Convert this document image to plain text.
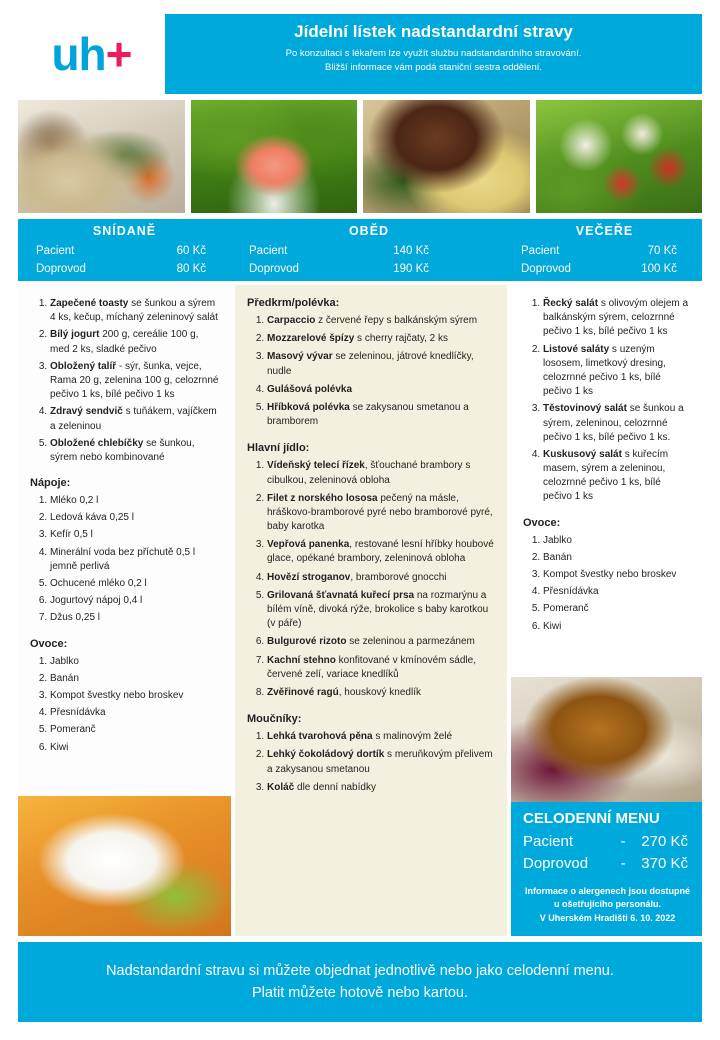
uh+	Jídelní lístek nadstandardní stravy
Po konzultaci s lékařem lze využít službu nadstandardního stravování.
Bližší informace vám podá staniční sestra oddělení.
SNÍDANĚ
Pacient	60 Kč
Doprovod	80 Kč
OBĚD
Pacient	140 Kč
Doprovod	190 Kč
VEČEŘE
Pacient	70 Kč
Doprovod	100 Kč
1. Zapečené toasty se šunkou a sýrem 4 ks, kečup, míchaný zeleninový salát
2. Bílý jogurt 200 g, cereálie 100 g, med 2 ks, sladké pečivo
3. Obložený talíř - sýr, šunka, vejce, Rama 20 g, zelenina 100 g, celozrnné pečivo 1 ks, bílé pečivo 1 ks
4. Zdravý sendvič s tuňákem, vajíčkem a zeleninou
5. Obložené chlebíčky se šunkou, sýrem nebo kombinované
Nápoje:
1. Mléko 0,2 l
2. Ledová káva 0,25 l
3. Kefír 0,5 l
4. Minerální voda bez příchutě 0,5 l jemně perlivá
5. Ochucené mléko 0,2 l
6. Jogurtový nápoj 0,4 l
7. Džus 0,25 l
Ovoce:
1. Jablko
2. Banán
3. Kompot švestky nebo broskev
4. Přesnídávka
5. Pomeranč
6. Kiwi
Předkrm/polévka:
1. Carpaccio z červené řepy s balkánským sýrem
2. Mozzarelové špízy s cherry rajčaty, 2 ks
3. Masový vývar se zeleninou, játrové knedlíčky, nudle
4. Gulášová polévka
5. Hříbková polévka se zakysanou smetanou a bramborem
Hlavní jídlo:
1. Vídeňský telecí řízek, šťouchané brambory s cibulkou, zeleninová obloha
2. Filet z norského lososa pečený na másle, hráškovo-bramborové pyré nebo bramborové pyré, baby karotka
3. Vepřová panenka, restované lesní hříbky houbové glace, opékané brambory, zeleninová obloha
4. Hovězí stroganov, bramborové gnocchi
5. Grilovaná šťavnatá kuřecí prsa na rozmarýnu a bílém víně, divoká rýže, brokolice s baby karotkou (v páře)
6. Bulgurové rizoto se zeleninou a parmezánem
7. Kachní stehno konfitované v kmínovém sádle, červené zelí, variace knedlíků
8. Zvěřinové ragú, houskový knedlík
Moučníky:
1. Lehká tvarohová pěna s malinovým želé
2. Lehký čokoládový dortík s meruňkovým přelivem a zakysanou smetanou
3. Koláč dle denní nabídky
1. Řecký salát s olivovým olejem a balkánským sýrem, celozrnné pečivo 1 ks, bílé pečivo 1 ks
2. Listové saláty s uzeným lososem, limetkový dresing, celozrnné pečivo 1 ks, bílé pečivo 1 ks
3. Těstovinový salát se šunkou a sýrem, zeleninou, celozrnné pečivo 1 ks, bílé pečivo 1 ks.
4. Kuskusový salát s kuřecím masem, sýrem a zeleninou, celozrnné pečivo 1 ks, bílé pečivo 1 ks
Ovoce:
1. Jablko
2. Banán
3. Kompot švestky nebo broskev
4. Přesnídávka
5. Pomeranč
6. Kiwi
CELODENNÍ MENU
Pacient	-	270 Kč
Doprovod	-	370 Kč
Informace o alergenech jsou dostupné
u ošetřujícího personálu.
V Uherském Hradišti 6. 10. 2022
Nadstandardní stravu si můžete objednat jednotlivě nebo jako celodenní menu.
Platit můžete hotově nebo kartou.
